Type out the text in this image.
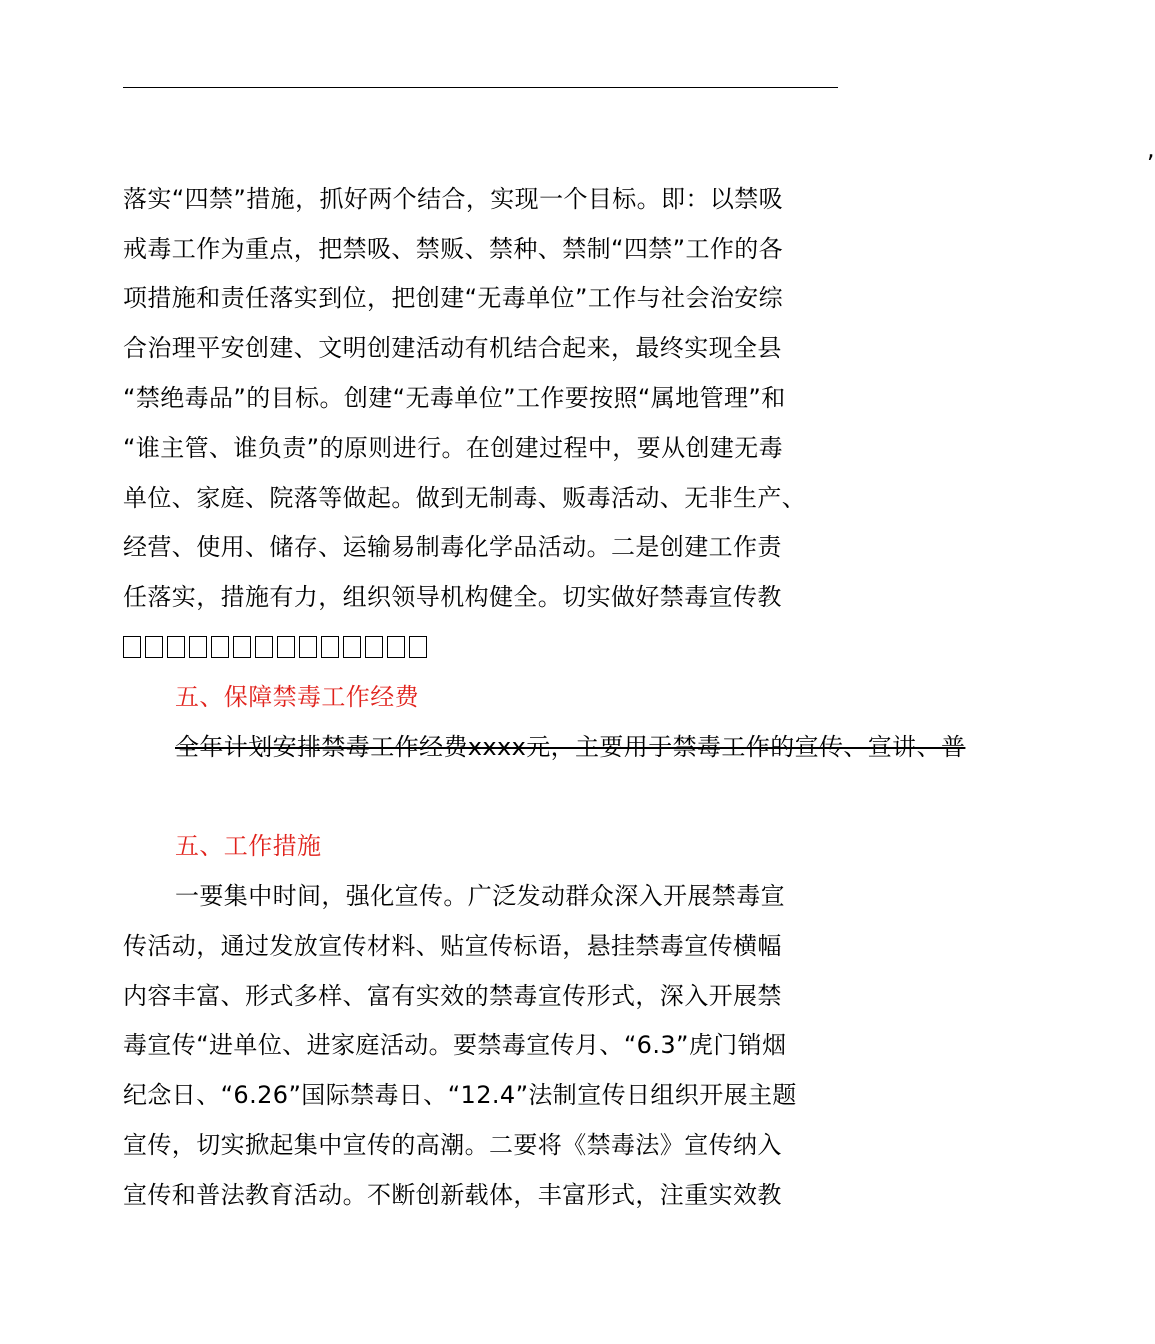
,
落实“四禁”措施，抓好两个结合，实现一个目标。即：以禁吸
戒毒工作为重点，把禁吸、禁贩、禁种、禁制“四禁”工作的各
项措施和责任落实到位，把创建“无毒单位”工作与社会治安综
合治理平安创建、文明创建活动有机结合起来，最终实现全县
“禁绝毒品”的目标。创建“无毒单位”工作要按照“属地管理”和
“谁主管、谁负责”的原则进行。在创建过程中，要从创建无毒
单位、家庭、院落等做起。做到无制毒、贩毒活动、无非生产、
经营、使用、储存、运输易制毒化学品活动。二是创建工作责
任落实，措施有力，组织领导机构健全。切实做好禁毒宣传教
五、保障禁毒工作经费
全年计划安排禁毒工作经费xxxx元，主要用于禁毒工作的宣传、宣讲、普
五、工作措施
一要集中时间，强化宣传。广泛发动群众深入开展禁毒宣
传活动，通过发放宣传材料、贴宣传标语，悬挂禁毒宣传横幅
内容丰富、形式多样、富有实效的禁毒宣传形式，深入开展禁
毒宣传“进单位、进家庭活动。要禁毒宣传月、“6.3”虎门销烟
纪念日、“6.26”国际禁毒日、“12.4”法制宣传日组织开展主题
宣传，切实掀起集中宣传的高潮。二要将《禁毒法》宣传纳入
宣传和普法教育活动。不断创新载体，丰富形式，注重实效教
